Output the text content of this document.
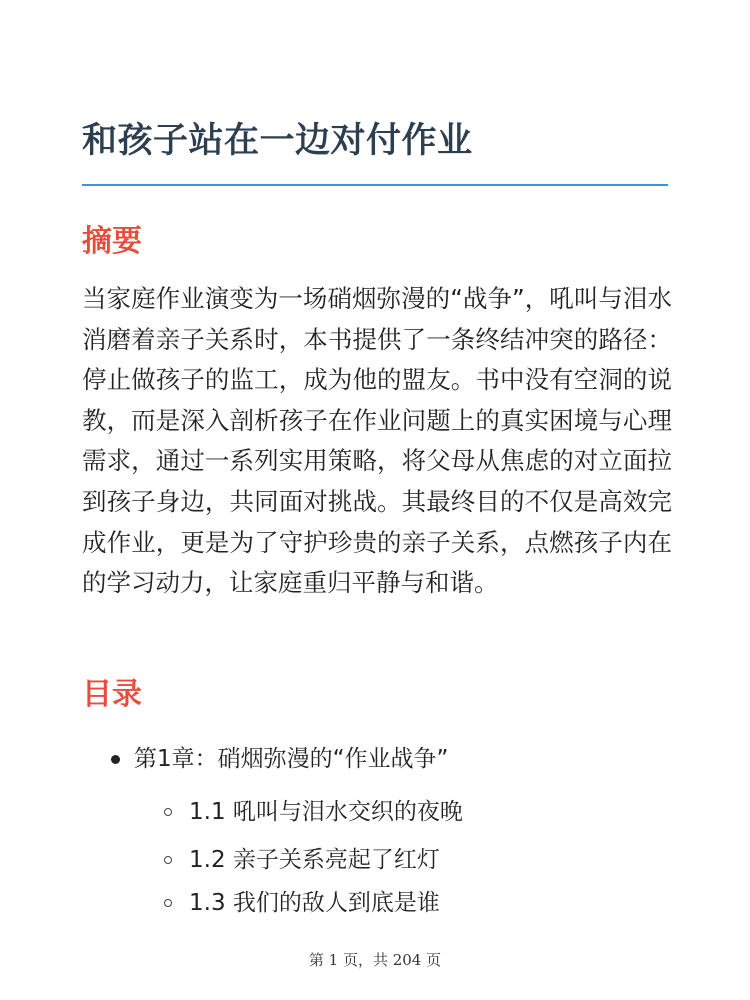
和孩子站在一边对付作业
摘要

当家庭作业演变为一场硝烟弥漫的“战争”，吼叫与泪水消磨着亲子关系时，本书提供了一条终结冲突的路径：停止做孩子的监工，成为他的盟友。书中没有空洞的说教，而是深入剖析孩子在作业问题上的真实困境与心理需求，通过一系列实用策略，将父母从焦虑的对立面拉到孩子身边，共同面对挑战。其最终目的不仅是高效完成作业，更是为了守护珍贵的亲子关系，点燃孩子内在的学习动力，让家庭重归平静与和谐。

目录
第1章：硝烟弥漫的“作业战争”
1.1 吼叫与泪水交织的夜晚
1.2 亲子关系亮起了红灯
1.3 我们的敌人到底是谁
第 1 页，共 204 页
